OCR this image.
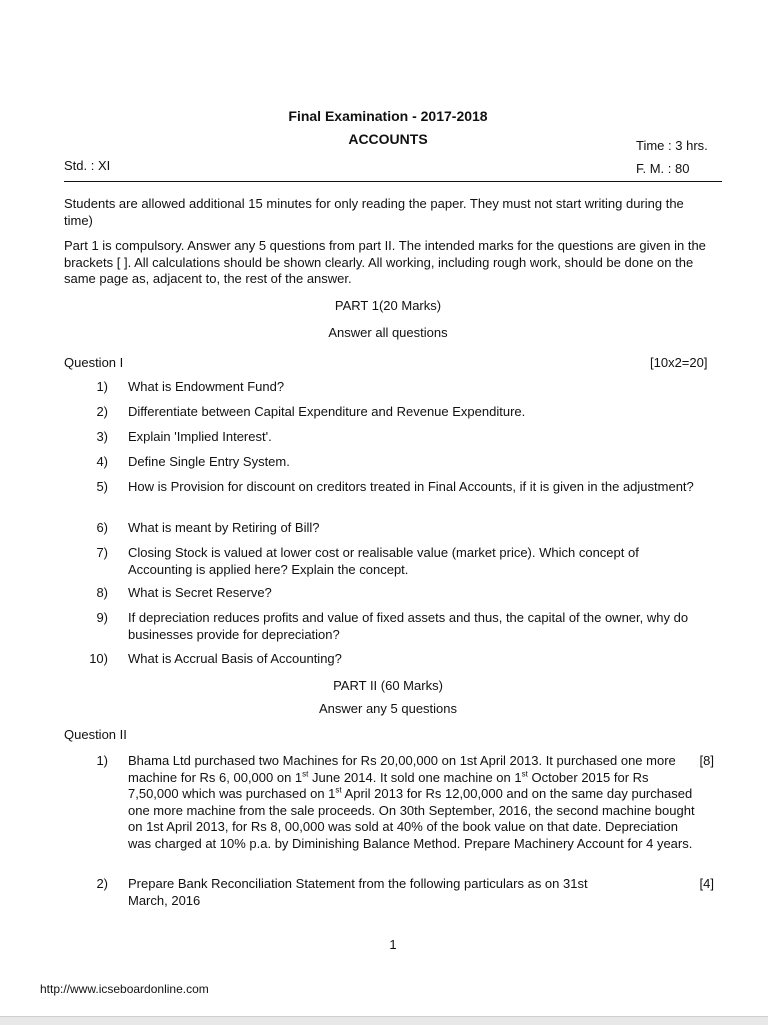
Final Examination - 2017-2018
ACCOUNTS	Time : 3 hrs.
Std. : XI	F. M. : 80
Students are allowed additional 15 minutes for only reading the paper. They must not start writing during the time)
Part 1 is compulsory. Answer any 5 questions from part II. The intended marks for the questions are given in the brackets [ ]. All calculations should be shown clearly. All working, including rough work, should be done on the same page as, adjacent to, the rest of the answer.
PART 1(20 Marks)
Answer all questions
Question I	[10x2=20]
1) What is Endowment Fund?
2) Differentiate between Capital Expenditure and Revenue Expenditure.
3) Explain 'Implied Interest'.
4) Define Single Entry System.
5) How is Provision for discount on creditors treated in Final Accounts, if it is given in the adjustment?
6) What is meant by Retiring of Bill?
7) Closing Stock is valued at lower cost or realisable value (market price). Which concept of Accounting is applied here? Explain the concept.
8) What is Secret Reserve?
9) If depreciation reduces profits and value of fixed assets and thus, the capital of the owner, why do businesses provide for depreciation?
10) What is Accrual Basis of Accounting?
PART II (60 Marks)
Answer any 5 questions
Question II
1) Bhama Ltd purchased two Machines for Rs 20,00,000 on 1st April 2013. It purchased one more machine for Rs 6, 00,000 on 1st June 2014. It sold one machine on 1st October 2015 for Rs 7,50,000 which was purchased on 1st April 2013 for Rs 12,00,000 and on the same day purchased one more machine from the sale proceeds. On 30th September, 2016, the second machine bought on 1st April 2013, for Rs 8, 00,000 was sold at 40% of the book value on that date. Depreciation was charged at 10% p.a. by Diminishing Balance Method. Prepare Machinery Account for 4 years.
[8]
2) Prepare Bank Reconciliation Statement from the following particulars as on 31st March, 2016
[4]
1
http://www.icseboardonline.com
